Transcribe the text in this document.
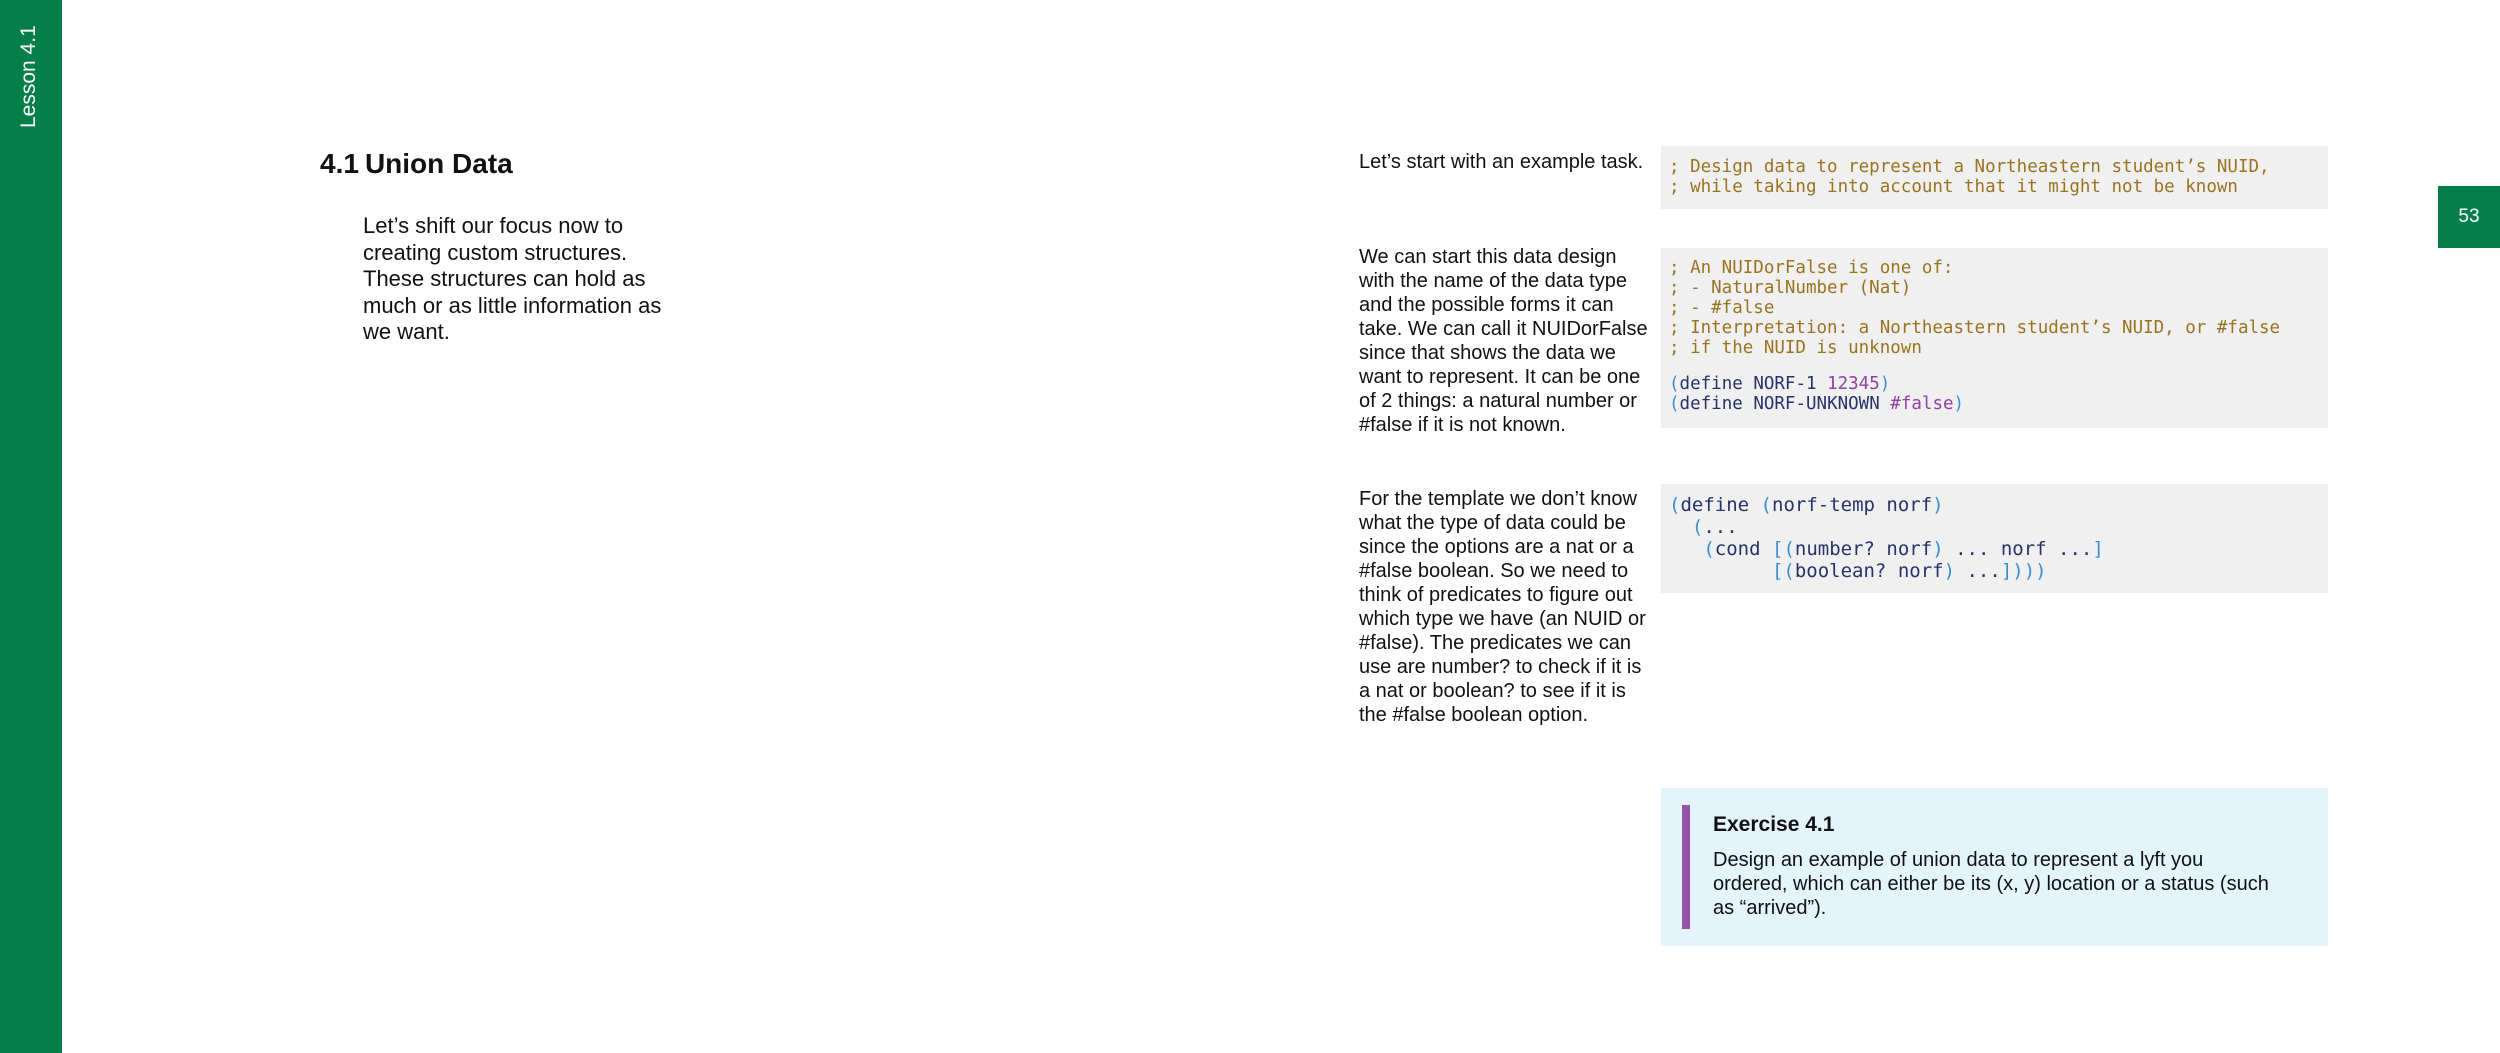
Lesson 4.1
53
4.1 Union Data

Let’s shift our focus now to creating custom structures. These structures can hold as much or as little information as we want.

Let’s start with an example task.

We can start this data design with the name of the data type and the possible forms it can take. We can call it NUIDorFalse since that shows the data we want to represent. It can be one of 2 things: a natural number or #false if it is not known.

For the template we don’t know what the type of data could be since the options are a nat or a #false boolean. So we need to think of predicates to figure out which type we have (an NUID or #false). The predicates we can use are number? to check if it is a nat or boolean? to see if it is the #false boolean option.

; Design data to represent a Northeastern student’s NUID,
; while taking into account that it might not be known
; An NUIDorFalse is one of:
; - NaturalNumber (Nat)
; - #false
; Interpretation: a Northeastern student’s NUID, or #false
; if the NUID is unknown
(define NORF-1 12345)
(define NORF-UNKNOWN #false)
(define (norf-temp norf)
(...
(cond [(number? norf) ... norf ...]
[(boolean? norf) ...])))
Exercise 4.1

Design an example of union data to represent a lyft you ordered, which can either be its (x, y) location or a status (such as “arrived”).
